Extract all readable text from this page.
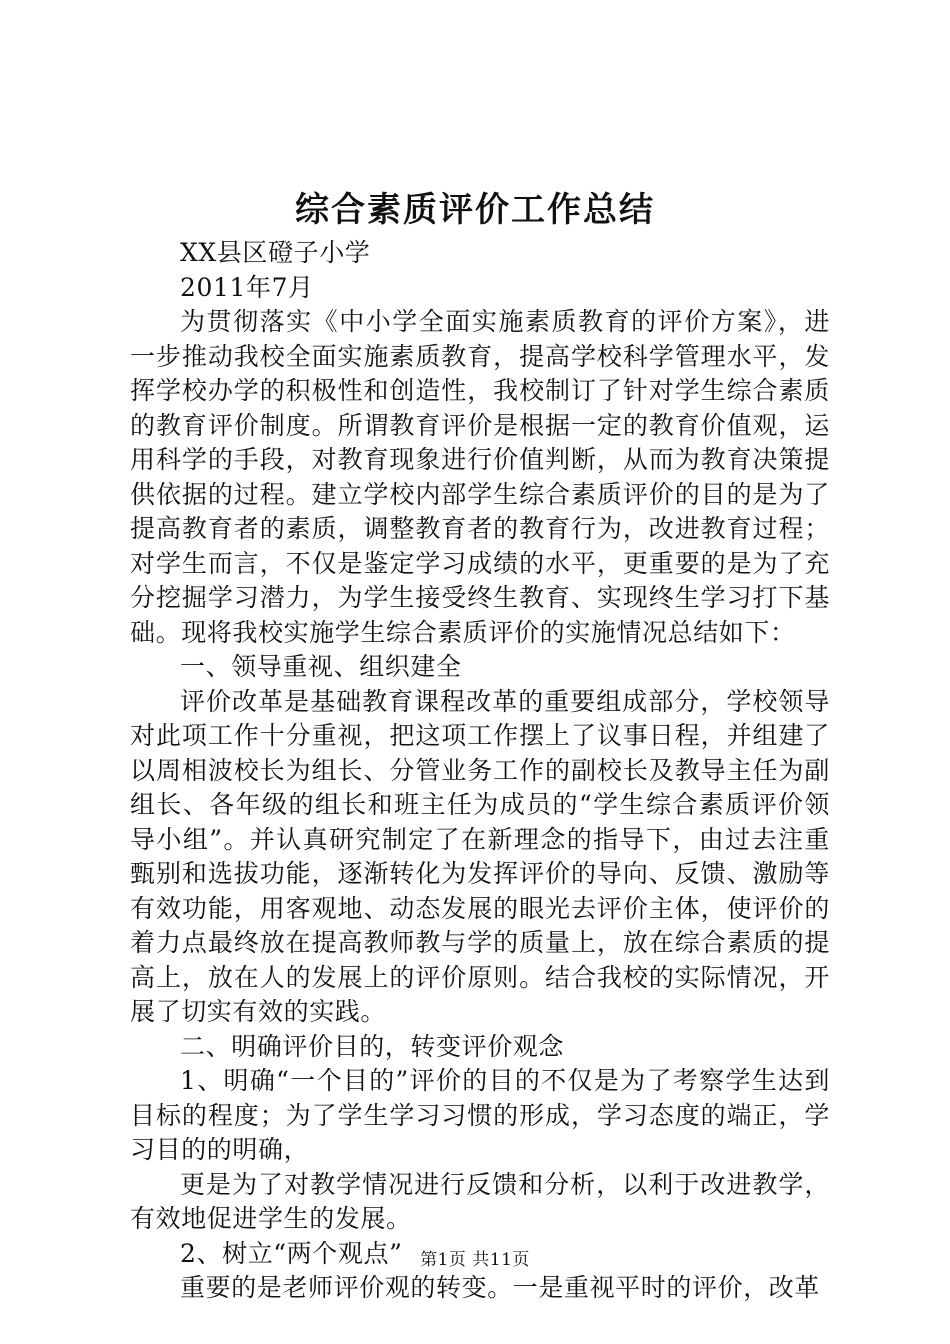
综合素质评价工作总结

XX县区磴子小学

2011年7月

为贯彻落实《中小学全面实施素质教育的评价方案》，进一步推动我校全面实施素质教育，提高学校科学管理水平，发挥学校办学的积极性和创造性，我校制订了针对学生综合素质的教育评价制度。所谓教育评价是根据一定的教育价值观，运用科学的手段，对教育现象进行价值判断，从而为教育决策提供依据的过程。建立学校内部学生综合素质评价的目的是为了提高教育者的素质，调整教育者的教育行为，改进教育过程；对学生而言，不仅是鉴定学习成绩的水平，更重要的是为了充分挖掘学习潜力，为学生接受终生教育、实现终生学习打下基础。现将我校实施学生综合素质评价的实施情况总结如下：

一、领导重视、组织建全

评价改革是基础教育课程改革的重要组成部分，学校领导对此项工作十分重视，把这项工作摆上了议事日程，并组建了以周相波校长为组长、分管业务工作的副校长及教导主任为副组长、各年级的组长和班主任为成员的“学生综合素质评价领导小组”。并认真研究制定了在新理念的指导下，由过去注重甄别和选拔功能，逐渐转化为发挥评价的导向、反馈、激励等有效功能，用客观地、动态发展的眼光去评价主体，使评价的着力点最终放在提高教师教与学的质量上，放在综合素质的提高上，放在人的发展上的评价原则。结合我校的实际情况，开展了切实有效的实践。

二、明确评价目的，转变评价观念

1、明确“一个目的”评价的目的不仅是为了考察学生达到目标的程度；为了学生学习习惯的形成，学习态度的端正，学习目的的明确，

更是为了对教学情况进行反馈和分析，以利于改进教学，有效地促进学生的发展。

2、树立“两个观点”

重要的是老师评价观的转变。一是重视平时的评价，改革

第1页 共11页
